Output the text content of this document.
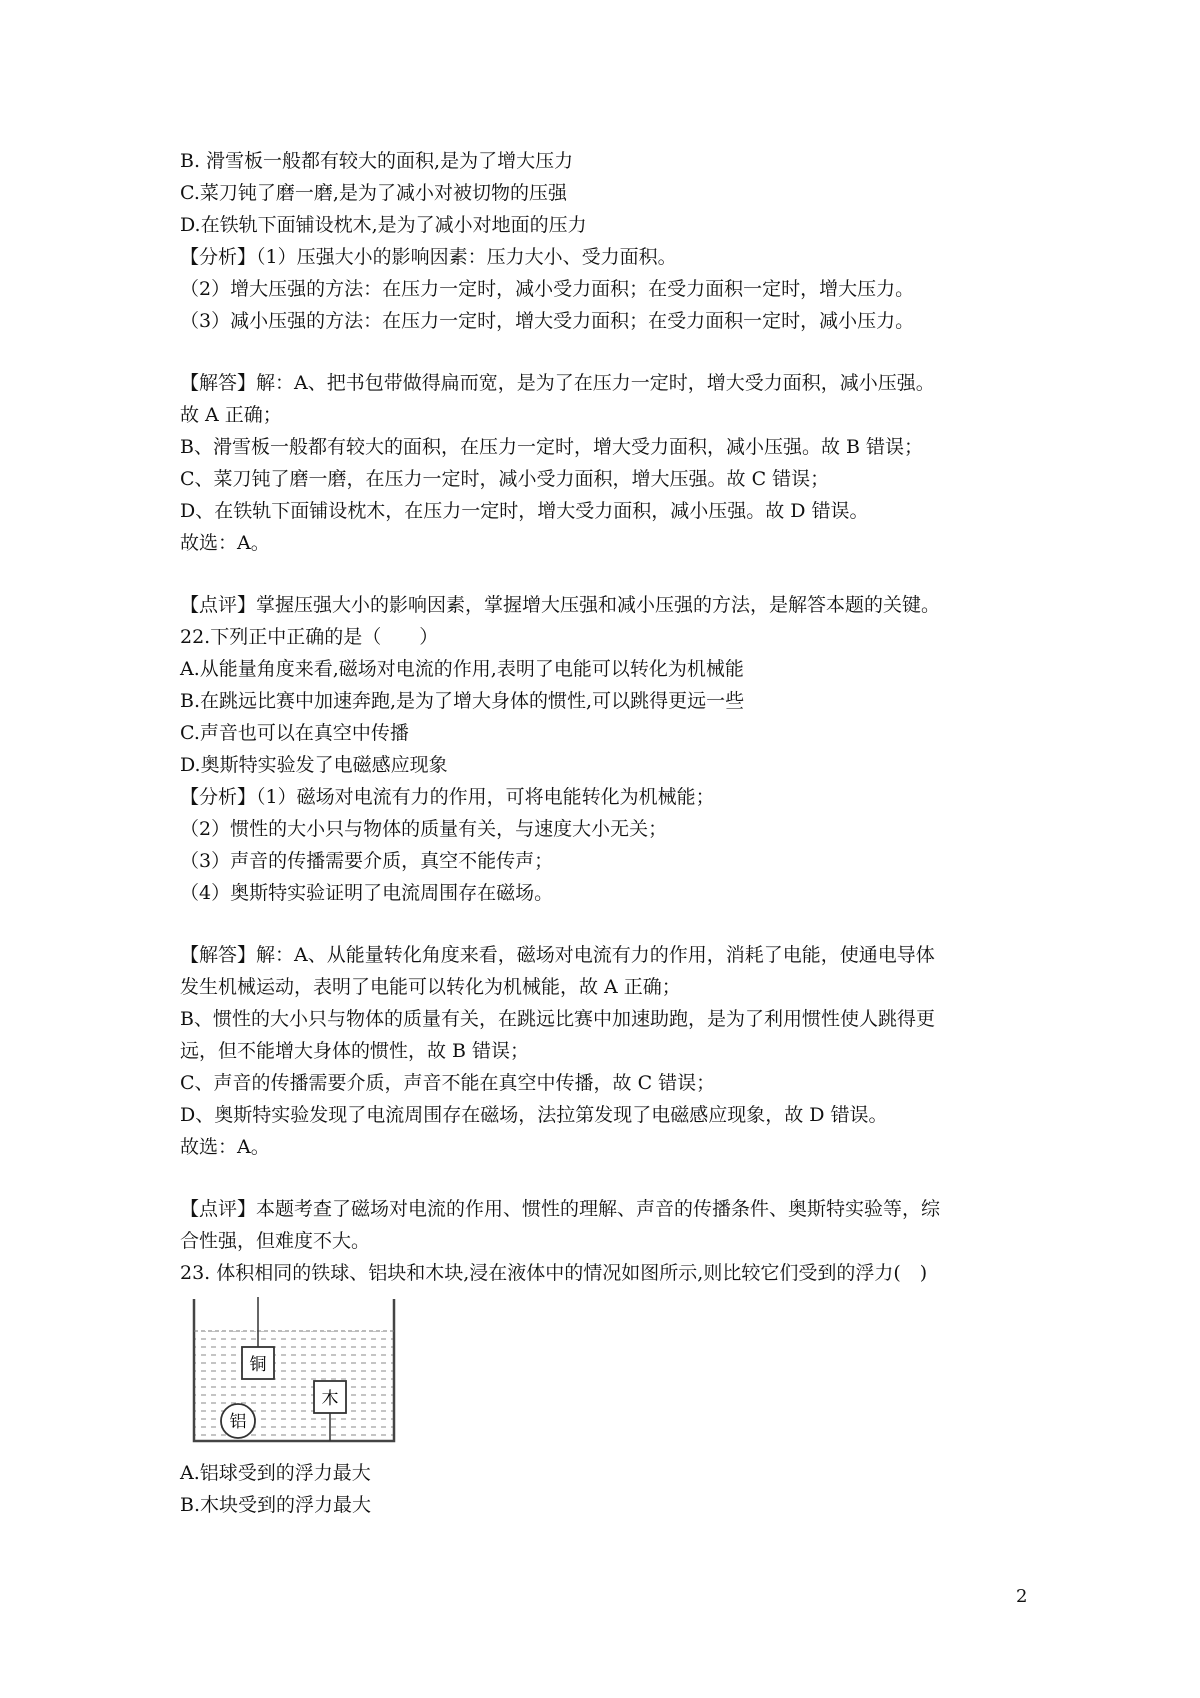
B. 滑雪板一般都有较大的面积,是为了增大压力
C.菜刀钝了磨一磨,是为了减小对被切物的压强
D.在铁轨下面铺设枕木,是为了减小对地面的压力
【分析】（1）压强大小的影响因素：压力大小、受力面积。
（2）增大压强的方法：在压力一定时，减小受力面积；在受力面积一定时，增大压力。
（3）减小压强的方法：在压力一定时，增大受力面积；在受力面积一定时，减小压力。
【解答】解：A、把书包带做得扁而宽，是为了在压力一定时，增大受力面积，减小压强。
故 A 正确；
B、滑雪板一般都有较大的面积，在压力一定时，增大受力面积，减小压强。故 B 错误；
C、菜刀钝了磨一磨，在压力一定时，减小受力面积，增大压强。故 C 错误；
D、在铁轨下面铺设枕木，在压力一定时，增大受力面积，减小压强。故 D 错误。
故选：A。
【点评】掌握压强大小的影响因素，掌握增大压强和减小压强的方法，是解答本题的关键。
22.下列正中正确的是（　　）
A.从能量角度来看,磁场对电流的作用,表明了电能可以转化为机械能
B.在跳远比赛中加速奔跑,是为了增大身体的惯性,可以跳得更远一些
C.声音也可以在真空中传播
D.奥斯特实验发了电磁感应现象
【分析】（1）磁场对电流有力的作用，可将电能转化为机械能；
（2）惯性的大小只与物体的质量有关，与速度大小无关；
（3）声音的传播需要介质，真空不能传声；
（4）奥斯特实验证明了电流周围存在磁场。
【解答】解：A、从能量转化角度来看，磁场对电流有力的作用，消耗了电能，使通电导体
发生机械运动，表明了电能可以转化为机械能，故 A 正确；
B、惯性的大小只与物体的质量有关，在跳远比赛中加速助跑，是为了利用惯性使人跳得更
远，但不能增大身体的惯性，故 B 错误；
C、声音的传播需要介质，声音不能在真空中传播，故 C 错误；
D、奥斯特实验发现了电流周围存在磁场，法拉第发现了电磁感应现象，故 D 错误。
故选：A。
【点评】本题考查了磁场对电流的作用、惯性的理解、声音的传播条件、奥斯特实验等，综
合性强，但难度不大。
23. 体积相同的铁球、铝块和木块,浸在液体中的情况如图所示,则比较它们受到的浮力(　)
铜
木
铝
A.铝球受到的浮力最大
B.木块受到的浮力最大
2
